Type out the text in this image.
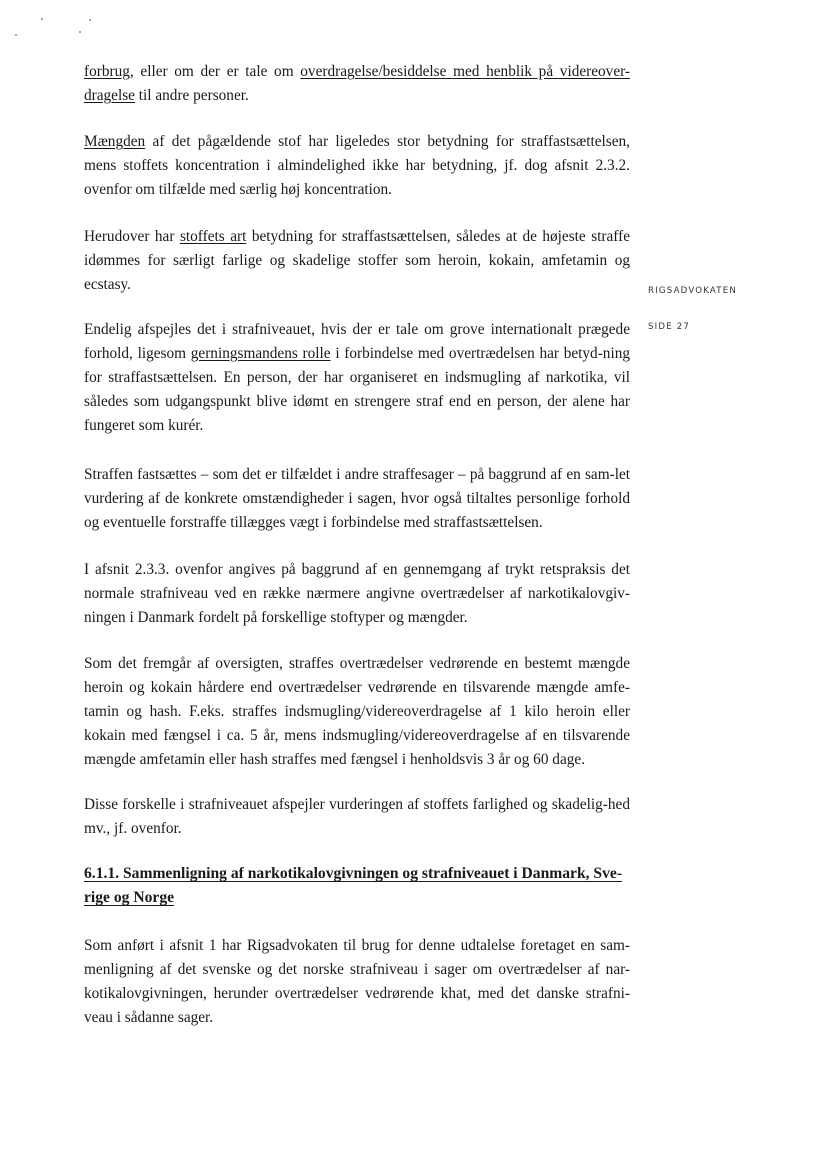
RIGSADVOKATEN
SIDE 27

forbrug, eller om der er tale om overdragelse/besiddelse med henblik på videreover-dragelse til andre personer.

Mængden af det pågældende stof har ligeledes stor betydning for straffastsættelsen, mens stoffets koncentration i almindelighed ikke har betydning, jf. dog afsnit 2.3.2. ovenfor om tilfælde med særlig høj koncentration.

Herudover har stoffets art betydning for straffastsættelsen, således at de højeste straffe idømmes for særligt farlige og skadelige stoffer som heroin, kokain, amfetamin og ecstasy.

Endelig afspejles det i strafniveauet, hvis der er tale om grove internationalt prægede forhold, ligesom gerningsmandens rolle i forbindelse med overtrædelsen har betyd-ning for straffastsættelsen. En person, der har organiseret en indsmugling af narkotika, vil således som udgangspunkt blive idømt en strengere straf end en person, der alene har fungeret som kurér.

Straffen fastsættes – som det er tilfældet i andre straffesager – på baggrund af en sam-let vurdering af de konkrete omstændigheder i sagen, hvor også tiltaltes personlige forhold og eventuelle forstraffe tillægges vægt i forbindelse med straffastsættelsen.

I afsnit 2.3.3. ovenfor angives på baggrund af en gennemgang af trykt retspraksis det normale strafniveau ved en række nærmere angivne overtrædelser af narkotikalovgiv-ningen i Danmark fordelt på forskellige stoftyper og mængder.

Som det fremgår af oversigten, straffes overtrædelser vedrørende en bestemt mængde heroin og kokain hårdere end overtrædelser vedrørende en tilsvarende mængde amfe-tamin og hash. F.eks. straffes indsmugling/videreoverdragelse af 1 kilo heroin eller kokain med fængsel i ca. 5 år, mens indsmugling/videreoverdragelse af en tilsvarende mængde amfetamin eller hash straffes med fængsel i henholdsvis 3 år og 60 dage.

Disse forskelle i strafniveauet afspejler vurderingen af stoffets farlighed og skadelig-hed mv., jf. ovenfor.

6.1.1. Sammenligning af narkotikalovgivningen og strafniveauet i Danmark, Sve-rige og Norge

Som anført i afsnit 1 har Rigsadvokaten til brug for denne udtalelse foretaget en sam-menligning af det svenske og det norske strafniveau i sager om overtrædelser af nar-kotikalovgivningen, herunder overtrædelser vedrørende khat, med det danske strafni-veau i sådanne sager.
